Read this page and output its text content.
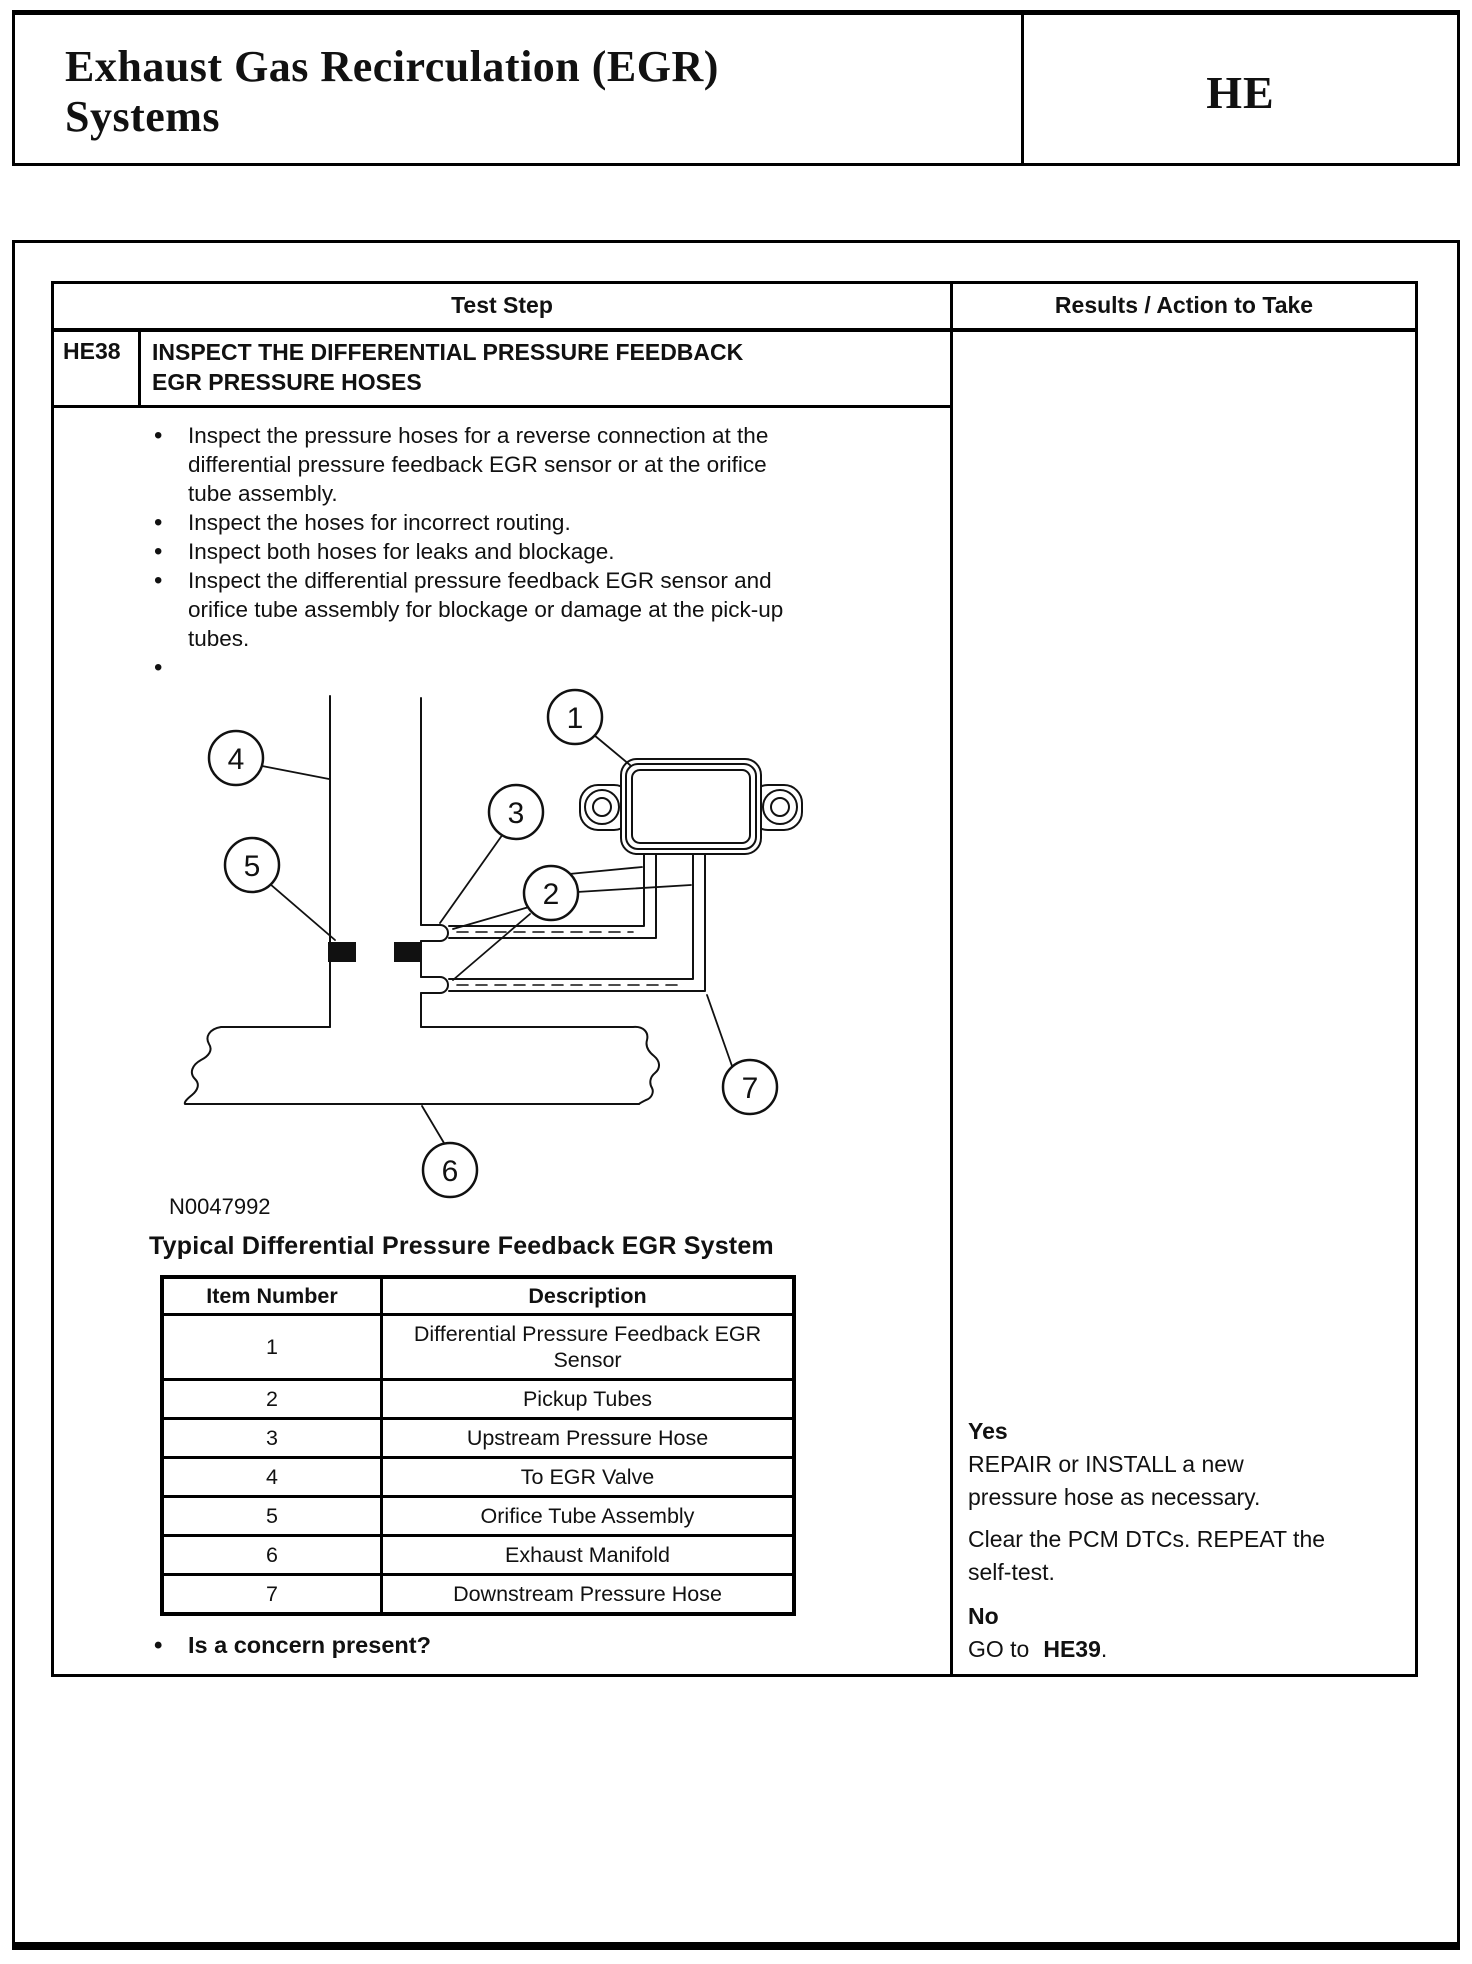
Exhaust Gas Recirculation (EGR)
Systems	HE
Test Step	Results / Action to Take
HE38	INSPECT THE DIFFERENTIAL PRESSURE FEEDBACK
EGR PRESSURE HOSES
•
Inspect the pressure hoses for a reverse connection at the differential pressure feedback EGR sensor or at the orifice tube assembly.
•
Inspect the hoses for incorrect routing.
•
Inspect both hoses for leaks and blockage.
•
Inspect the differential pressure feedback EGR sensor and orifice tube assembly for blockage or damage at the pick-up tubes.
•
1
2
3
4
5
6
7
N0047992
Typical Differential Pressure Feedback EGR System
Item Number	Description
1	Differential Pressure Feedback EGR Sensor
2	Pickup Tubes
3	Upstream Pressure Hose
4	To EGR Valve
5	Orifice Tube Assembly
6	Exhaust Manifold
7	Downstream Pressure Hose
•
Is a concern present?
Yes
REPAIR or INSTALL a new
pressure hose as necessary.
Clear the PCM DTCs. REPEAT the
self-test.
No
GO to HE39.
